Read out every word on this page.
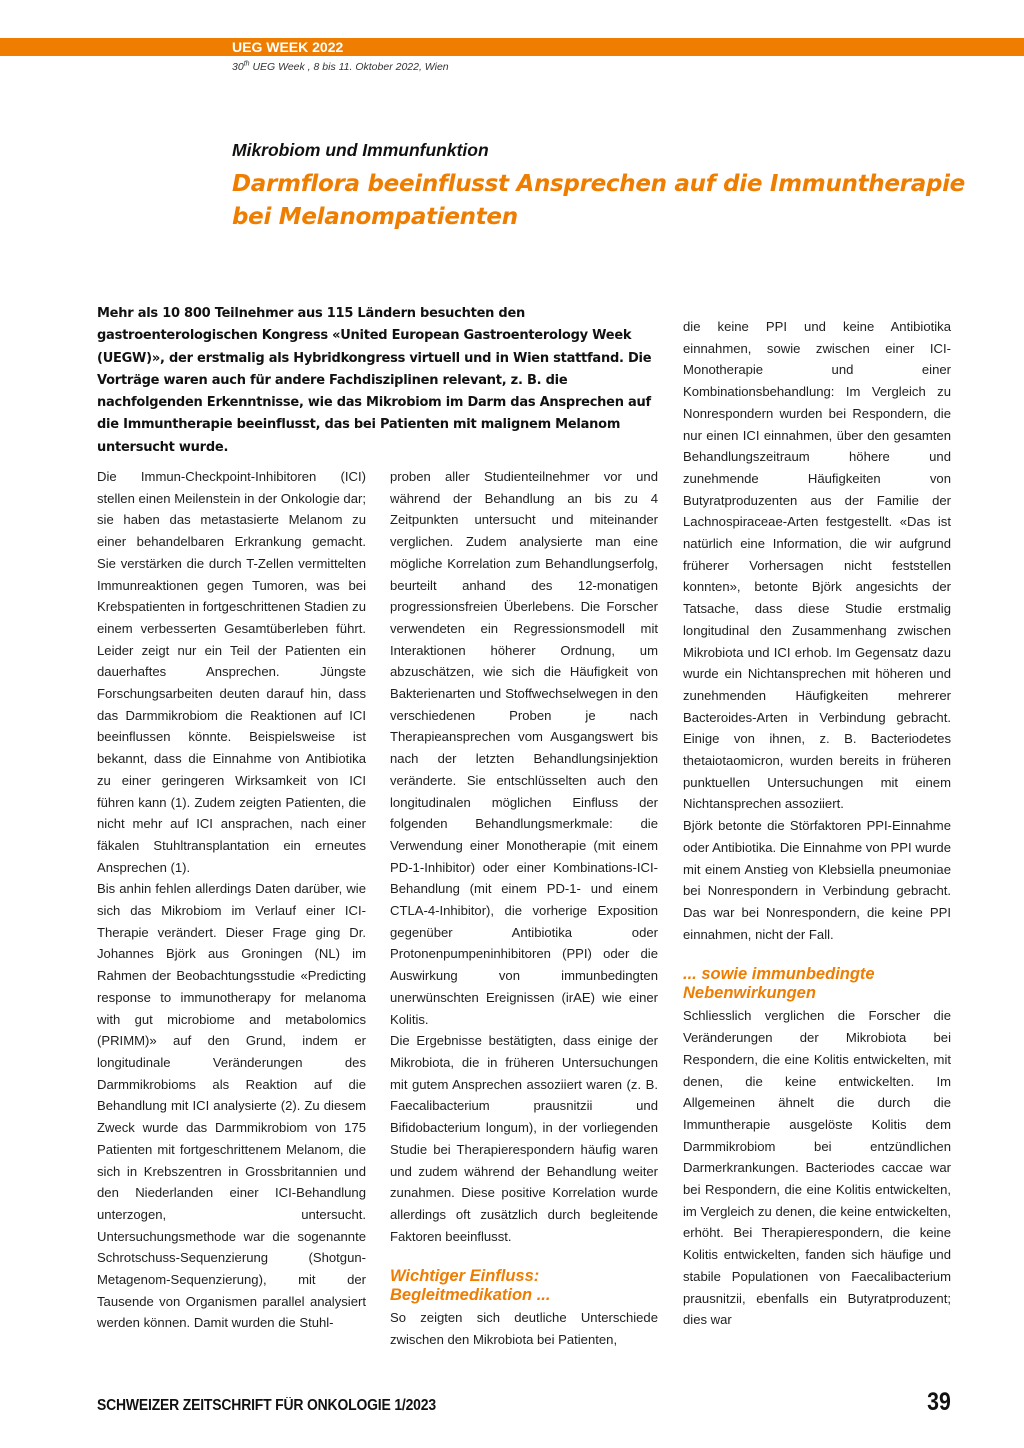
UEG WEEK 2022
30th UEG Week , 8 bis 11. Oktober 2022, Wien
Mikrobiom und Immunfunktion
Darmflora beeinflusst Ansprechen auf die Immuntherapie bei Melanompatienten
Mehr als 10 800 Teilnehmer aus 115 Ländern besuchten den gastroenterologischen Kongress «United European Gastroenterology Week (UEGW)», der erstmalig als Hybridkongress virtuell und in Wien stattfand. Die Vorträge waren auch für andere Fachdisziplinen relevant, z. B. die nachfolgenden Erkenntnisse, wie das Mikrobiom im Darm das Ansprechen auf die Immuntherapie beeinflusst, das bei Patienten mit malignem Melanom untersucht wurde.

Die Immun-Checkpoint-Inhibitoren (ICI) stellen einen Meilenstein in der Onkologie dar; sie haben das metastasierte Melanom zu einer behandelbaren Erkrankung gemacht. Sie verstärken die durch T-Zellen vermittelten Immunreaktionen gegen Tumoren, was bei Krebspatienten in fortgeschrittenen Stadien zu einem verbesserten Gesamtüberleben führt. Leider zeigt nur ein Teil der Patienten ein dauerhaftes Ansprechen. Jüngste Forschungsarbeiten deuten darauf hin, dass das Darmmikrobiom die Reaktionen auf ICI beeinflussen könnte. Beispielsweise ist bekannt, dass die Einnahme von Antibiotika zu einer geringeren Wirksamkeit von ICI führen kann (1). Zudem zeigten Patienten, die nicht mehr auf ICI ansprachen, nach einer fäkalen Stuhltransplantation ein erneutes Ansprechen (1).

Bis anhin fehlen allerdings Daten darüber, wie sich das Mikrobiom im Verlauf einer ICI-Therapie verändert. Dieser Frage ging Dr. Johannes Björk aus Groningen (NL) im Rahmen der Beobachtungsstudie «Predicting response to immunotherapy for melanoma with gut microbiome and metabolomics (PRIMM)» auf den Grund, indem er longitudinale Veränderungen des Darmmikrobioms als Reaktion auf die Behandlung mit ICI analysierte (2). Zu diesem Zweck wurde das Darmmikrobiom von 175 Patienten mit fortgeschrittenem Melanom, die sich in Krebszentren in Grossbritannien und den Niederlanden einer ICI-Behandlung unterzogen, untersucht. Untersuchungsmethode war die sogenannte Schrotschuss-Sequenzierung (Shotgun-Metagenom-Sequenzierung), mit der Tausende von Organismen parallel analysiert werden können. Damit wurden die Stuhl-

proben aller Studienteilnehmer vor und während der Behandlung an bis zu 4 Zeitpunkten untersucht und miteinander verglichen. Zudem analysierte man eine mögliche Korrelation zum Behandlungserfolg, beurteilt anhand des 12-monatigen progressionsfreien Überlebens. Die Forscher verwendeten ein Regressionsmodell mit Interaktionen höherer Ordnung, um abzuschätzen, wie sich die Häufigkeit von Bakterienarten und Stoffwechselwegen in den verschiedenen Proben je nach Therapieansprechen vom Ausgangswert bis nach der letzten Behandlungsinjektion veränderte. Sie entschlüsselten auch den longitudinalen möglichen Einfluss der folgenden Behandlungsmerkmale: die Verwendung einer Monotherapie (mit einem PD-1-Inhibitor) oder einer Kombinations-ICI-Behandlung (mit einem PD-1- und einem CTLA-4-Inhibitor), die vorherige Exposition gegenüber Antibiotika oder Protonenpumpeninhibitoren (PPI) oder die Auswirkung von immunbedingten unerwünschten Ereignissen (irAE) wie einer Kolitis.

Die Ergebnisse bestätigten, dass einige der Mikrobiota, die in früheren Untersuchungen mit gutem Ansprechen assoziiert waren (z. B. Faecalibacterium prausnitzii und Bifidobacterium longum), in der vorliegenden Studie bei Therapierespondern häufig waren und zudem während der Behandlung weiter zunahmen. Diese positive Korrelation wurde allerdings oft zusätzlich durch begleitende Faktoren beeinflusst.

Wichtiger Einfluss: Begleitmedikation ...

So zeigten sich deutliche Unterschiede zwischen den Mikrobiota bei Patienten,

die keine PPI und keine Antibiotika einnahmen, sowie zwischen einer ICI-Monotherapie und einer Kombinationsbehandlung: Im Vergleich zu Nonrespondern wurden bei Respondern, die nur einen ICI einnahmen, über den gesamten Behandlungszeitraum höhere und zunehmende Häufigkeiten von Butyratproduzenten aus der Familie der Lachnospiraceae-Arten festgestellt. «Das ist natürlich eine Information, die wir aufgrund früherer Vorhersagen nicht feststellen konnten», betonte Björk angesichts der Tatsache, dass diese Studie erstmalig longitudinal den Zusammenhang zwischen Mikrobiota und ICI erhob. Im Gegensatz dazu wurde ein Nichtansprechen mit höheren und zunehmenden Häufigkeiten mehrerer Bacteroides-Arten in Verbindung gebracht. Einige von ihnen, z. B. Bacteriodetes thetaiotaomicron, wurden bereits in früheren punktuellen Untersuchungen mit einem Nichtansprechen assoziiert.

Björk betonte die Störfaktoren PPI-Einnahme oder Antibiotika. Die Einnahme von PPI wurde mit einem Anstieg von Klebsiella pneumoniae bei Nonrespondern in Verbindung gebracht. Das war bei Nonrespondern, die keine PPI einnahmen, nicht der Fall.

... sowie immunbedingte Nebenwirkungen

Schliesslich verglichen die Forscher die Veränderungen der Mikrobiota bei Respondern, die eine Kolitis entwickelten, mit denen, die keine entwickelten. Im Allgemeinen ähnelt die durch die Immuntherapie ausgelöste Kolitis dem Darmmikrobiom bei entzündlichen Darmerkrankungen. Bacteriodes caccae war bei Respondern, die eine Kolitis entwickelten, im Vergleich zu denen, die keine entwickelten, erhöht. Bei Therapierespondern, die keine Kolitis entwickelten, fanden sich häufige und stabile Populationen von Faecalibacterium prausnitzii, ebenfalls ein Butyratproduzent; dies war

SCHWEIZER ZEITSCHRIFT FÜR ONKOLOGIE 1/2023	39
